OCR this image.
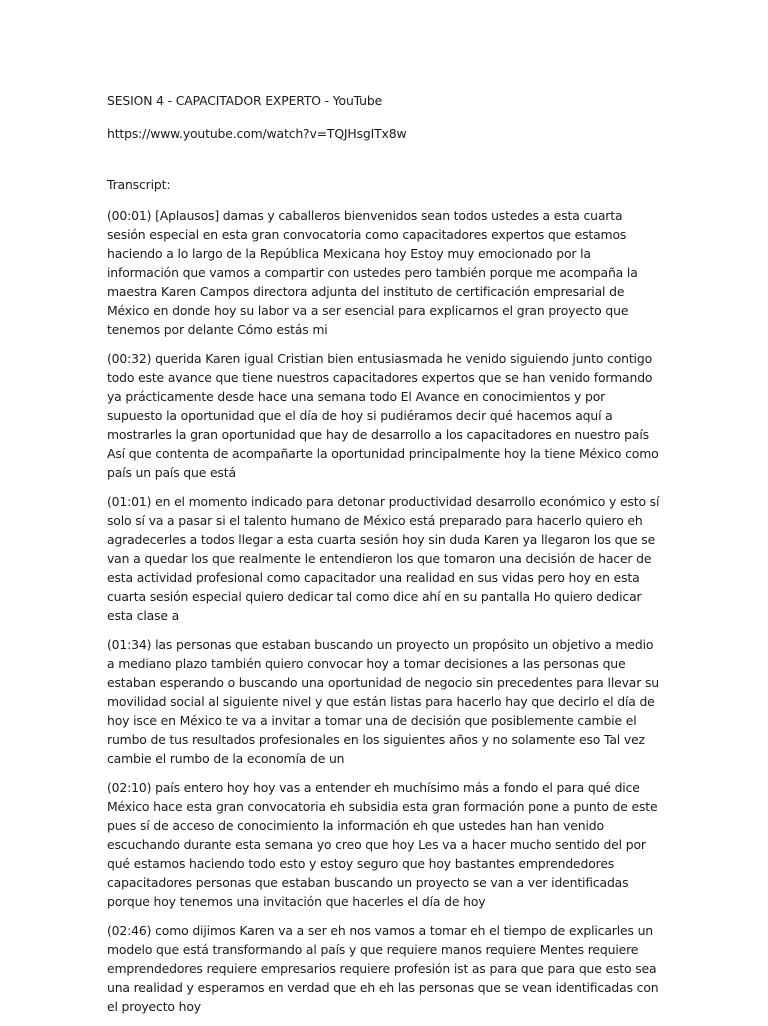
SESION 4 - CAPACITADOR EXPERTO - YouTube

https://www.youtube.com/watch?v=TQJHsgITx8w

Transcript:

(00:01) [Aplausos] damas y caballeros bienvenidos sean todos ustedes a esta cuarta sesión especial en esta gran convocatoria como capacitadores expertos que estamos haciendo a lo largo de la República Mexicana hoy Estoy muy emocionado por la información que vamos a compartir con ustedes pero también porque me acompaña la maestra Karen Campos directora adjunta del instituto de certificación empresarial de México en donde hoy su labor va a ser esencial para explicarnos el gran proyecto que tenemos por delante Cómo estás mi

(00:32) querida Karen igual Cristian bien entusiasmada he venido siguiendo junto contigo todo este avance que tiene nuestros capacitadores expertos que se han venido formando ya prácticamente desde hace una semana todo El Avance en conocimientos y por supuesto la oportunidad que el día de hoy si pudiéramos decir qué hacemos aquí a mostrarles la gran oportunidad que hay de desarrollo a los capacitadores en nuestro país Así que contenta de acompañarte la oportunidad principalmente hoy la tiene México como país un país que está

(01:01) en el momento indicado para detonar productividad desarrollo económico y esto sí solo sí va a pasar si el talento humano de México está preparado para hacerlo quiero eh agradecerles a todos llegar a esta cuarta sesión hoy sin duda Karen ya llegaron los que se van a quedar los que realmente le entendieron los que tomaron una decisión de hacer de esta actividad profesional como capacitador una realidad en sus vidas pero hoy en esta cuarta sesión especial quiero dedicar tal como dice ahí en su pantalla Ho quiero dedicar esta clase a

(01:34) las personas que estaban buscando un proyecto un propósito un objetivo a medio a mediano plazo también quiero convocar hoy a tomar decisiones a las personas que estaban esperando o buscando una oportunidad de negocio sin precedentes para llevar su movilidad social al siguiente nivel y que están listas para hacerlo hay que decirlo el día de hoy isce en México te va a invitar a tomar una de decisión que posiblemente cambie el rumbo de tus resultados profesionales en los siguientes años y no solamente eso Tal vez cambie el rumbo de la economía de un

(02:10) país entero hoy hoy vas a entender eh muchísimo más a fondo el para qué dice México hace esta gran convocatoria eh subsidia esta gran formación pone a punto de este pues sí de acceso de conocimiento la información eh que ustedes han han venido escuchando durante esta semana yo creo que hoy Les va a hacer mucho sentido del por qué estamos haciendo todo esto y estoy seguro que hoy bastantes emprendedores capacitadores personas que estaban buscando un proyecto se van a ver identificadas porque hoy tenemos una invitación que hacerles el día de hoy

(02:46) como dijimos Karen va a ser eh nos vamos a tomar eh el tiempo de explicarles un modelo que está transformando al país y que requiere manos requiere Mentes requiere emprendedores requiere empresarios requiere profesión ist as para que para que esto sea una realidad y esperamos en verdad que eh eh las personas que se vean identificadas con el proyecto hoy
